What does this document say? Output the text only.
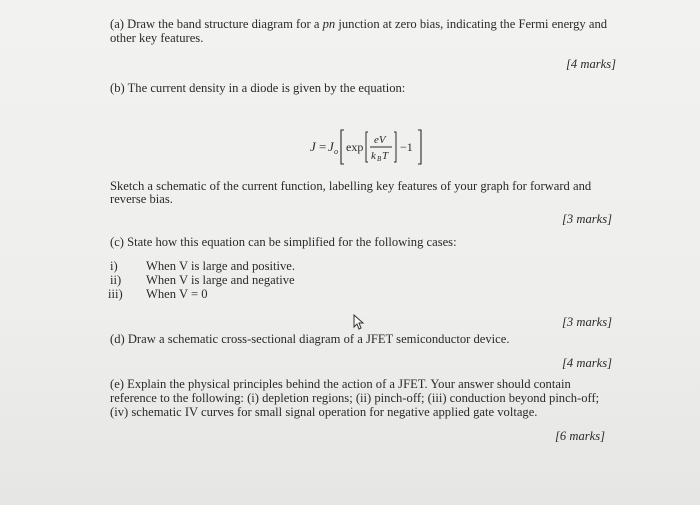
(a) Draw the band structure diagram for a pn junction at zero bias, indicating the Fermi energy and
other key features.
[4 marks]
(b) The current density in a diode is given by the equation:
J = J o exp eV
k B T
−1
Sketch a schematic of the current function, labelling key features of your graph for forward and
reverse bias.
[3 marks]
(c) State how this equation can be simplified for the following cases:
i) When V is large and positive.
ii) When V is large and negative
iii) When V = 0
[3 marks]
(d) Draw a schematic cross-sectional diagram of a JFET semiconductor device.
[4 marks]
(e) Explain the physical principles behind the action of a JFET. Your answer should contain
reference to the following: (i) depletion regions; (ii) pinch-off; (iii) conduction beyond pinch-off;
(iv) schematic IV curves for small signal operation for negative applied gate voltage.
[6 marks]
